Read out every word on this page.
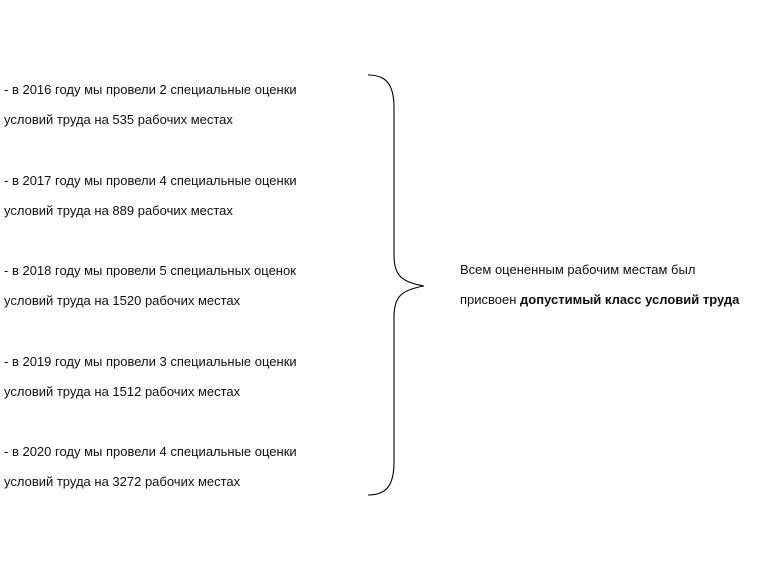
- в 2016 году мы провели 2 специальные оценки
условий труда на 535 рабочих местах
- в 2017 году мы провели 4 специальные оценки
условий труда на 889 рабочих местах
- в 2018 году мы провели 5 специальных оценок
условий труда на 1520 рабочих местах
- в 2019 году мы провели 3 специальные оценки
условий труда на 1512 рабочих местах
- в 2020 году мы провели 4 специальные оценки
условий труда на 3272 рабочих местах
Всем оцененным рабочим местам был
присвоен допустимый класс условий труда
